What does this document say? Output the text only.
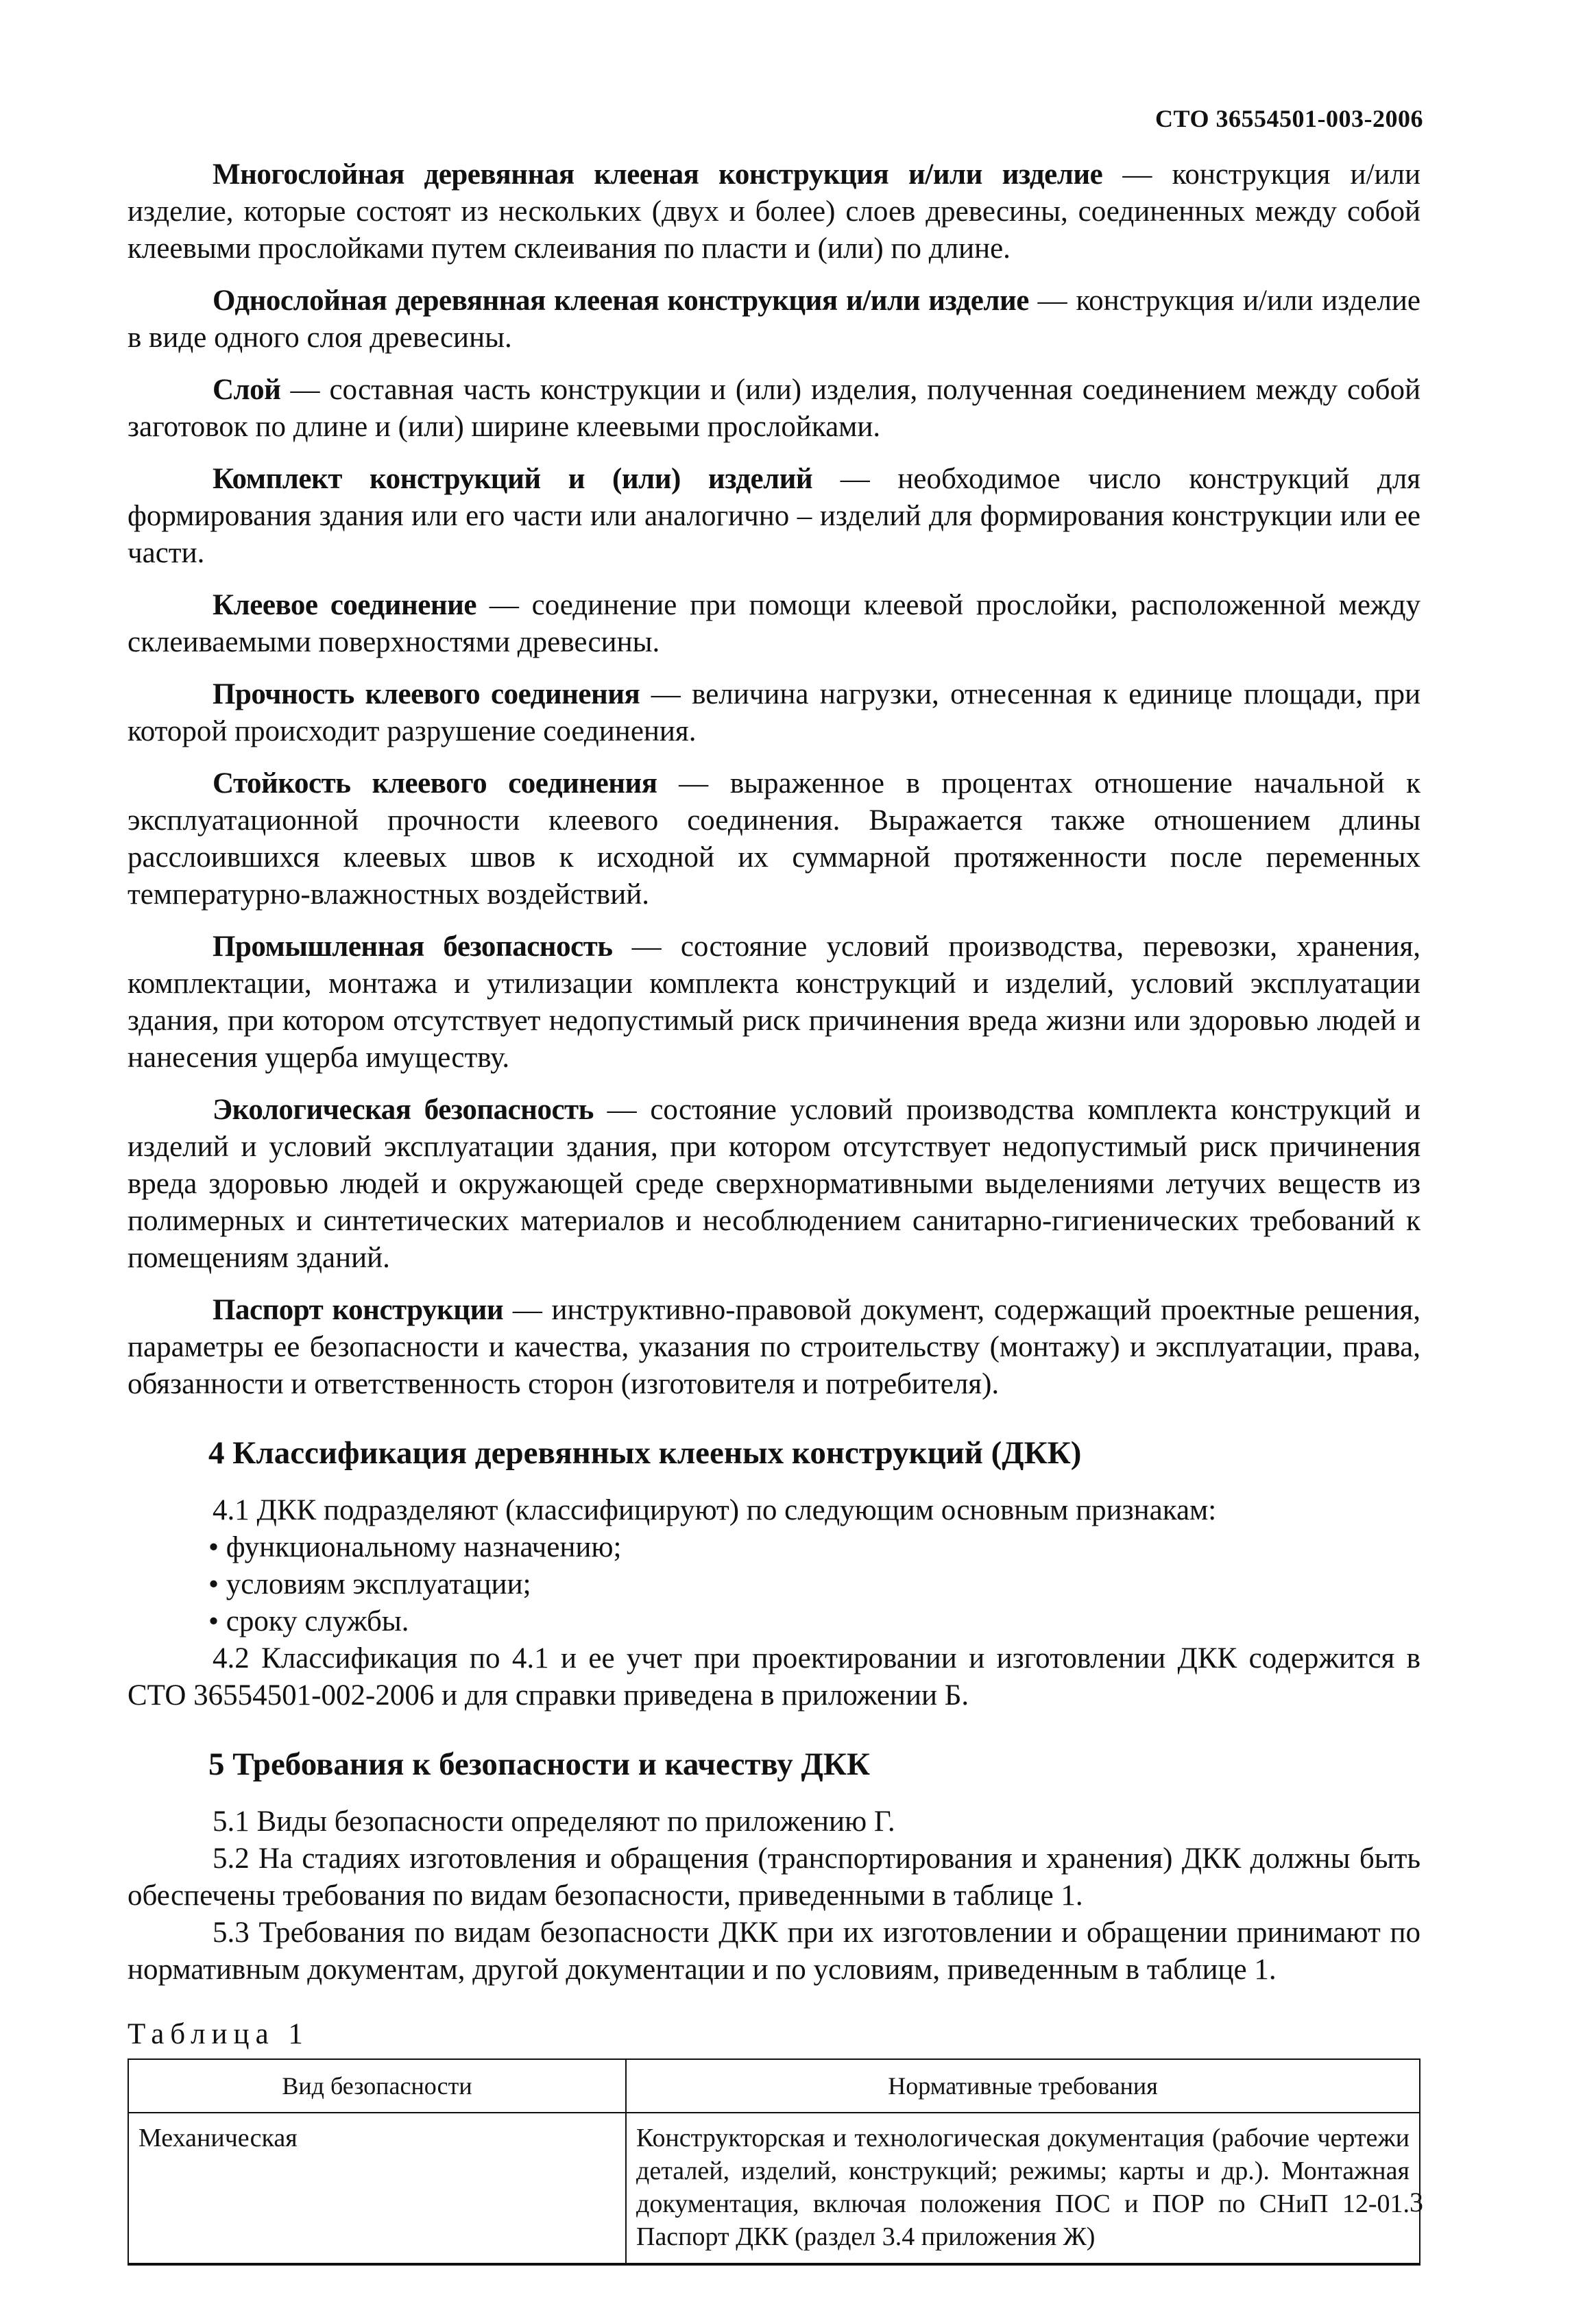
СТО 36554501-003-2006

Многослойная деревянная клееная конструкция и/или изделие — конструкция и/или изделие, которые состоят из нескольких (двух и более) слоев древесины, соединенных между собой клеевыми прослойками путем склеивания по пласти и (или) по длине.

Однослойная деревянная клееная конструкция и/или изделие — конструкция и/или изделие в виде одного слоя древесины.

Слой — составная часть конструкции и (или) изделия, полученная соединением между собой заготовок по длине и (или) ширине клеевыми прослойками.

Комплект конструкций и (или) изделий — необходимое число конструкций для формирования здания или его части или аналогично – изделий для формирования конструкции или ее части.

Клеевое соединение — соединение при помощи клеевой прослойки, расположенной между склеиваемыми поверхностями древесины.

Прочность клеевого соединения — величина нагрузки, отнесенная к единице площади, при которой происходит разрушение соединения.

Стойкость клеевого соединения — выраженное в процентах отношение начальной к эксплуатационной прочности клеевого соединения. Выражается также отношением длины расслоившихся клеевых швов к исходной их суммарной протяженности после переменных температурно-влажностных воздействий.

Промышленная безопасность — состояние условий производства, перевозки, хранения, комплектации, монтажа и утилизации комплекта конструкций и изделий, условий эксплуатации здания, при котором отсутствует недопустимый риск причинения вреда жизни или здоровью людей и нанесения ущерба имуществу.

Экологическая безопасность — состояние условий производства комплекта конструкций и изделий и условий эксплуатации здания, при котором отсутствует недопустимый риск причинения вреда здоровью людей и окружающей среде сверхнормативными выделениями летучих веществ из полимерных и синтетических материалов и несоблюдением санитарно-гигиенических требований к помещениям зданий.

Паспорт конструкции — инструктивно-правовой документ, содержащий проектные решения, параметры ее безопасности и качества, указания по строительству (монтажу) и эксплуатации, права, обязанности и ответственность сторон (изготовителя и потребителя).

4 Классификация деревянных клееных конструкций (ДКК)

4.1 ДКК подразделяют (классифицируют) по следующим основным признакам:

• функциональному назначению;

• условиям эксплуатации;

• сроку службы.

4.2 Классификация по 4.1 и ее учет при проектировании и изготовлении ДКК содержится в СТО 36554501-002-2006 и для справки приведена в приложении Б.

5 Требования к безопасности и качеству ДКК

5.1 Виды безопасности определяют по приложению Г.

5.2 На стадиях изготовления и обращения (транспортирования и хранения) ДКК должны быть обеспечены требования по видам безопасности, приведенными в таблице 1.

5.3 Требования по видам безопасности ДКК при их изготовлении и обращении принимают по нормативным документам, другой документации и по условиям, приведенным в таблице 1.

Таблица 1
Вид безопасности	Нормативные требования
Механическая	Конструкторская и технологическая документация (рабочие чертежи деталей, изделий, конструкций; режимы; карты и др.). Монтажная документация, включая положения ПОС и ПОР по СНиП 12-01. Паспорт ДКК (раздел 3.4 приложения Ж)
3
